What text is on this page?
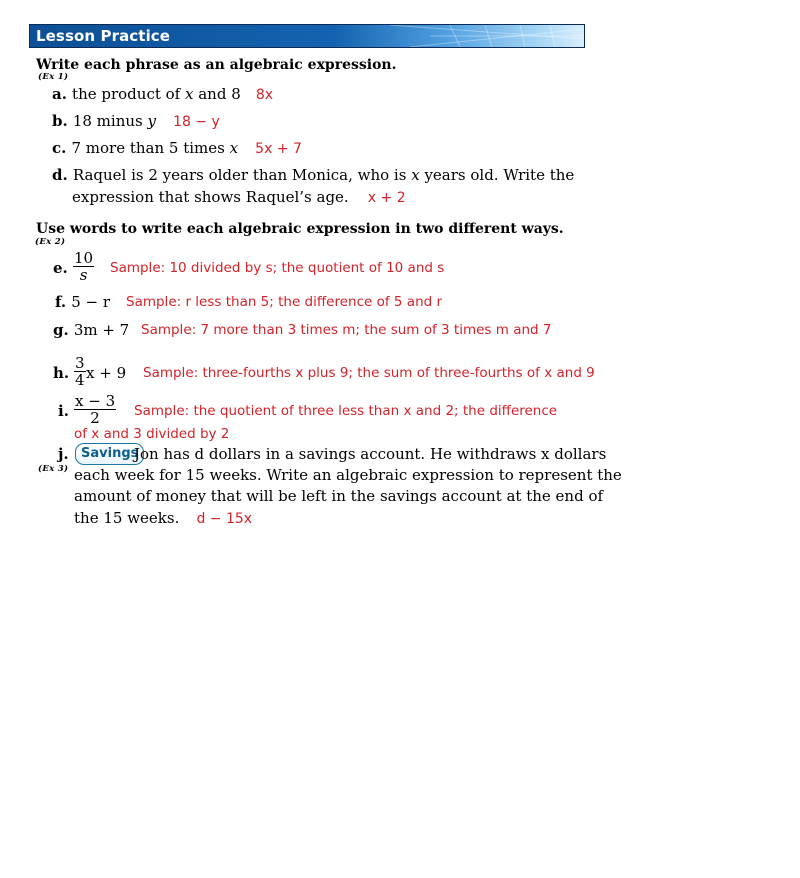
Lesson Practice
Write each phrase as an algebraic expression.
(Ex 1)
a. the product of x and 8 8x
b. 18 minus y 18 − y
c. 7 more than 5 times x 5x + 7
d. Raquel is 2 years older than Monica, who is x years old. Write the
expression that shows Raquel’s age. x + 2
Use words to write each algebraic expression in two different ways.
(Ex 2)
e.
10
s Sample: 10 divided by s; the quotient of 10 and s
f. 5 − r Sample: r less than 5; the difference of 5 and r
g. 3m + 7 Sample: 7 more than 3 times m; the sum of 3 times m and 7
h.
3
4 x + 9 Sample: three-fourths x plus 9; the sum of three-fourths of x and 9
i.
x − 3
2	Sample: the quotient of three less than x and 2; the difference
of x and 3 divided by 2
j. Savings
Jon has d dollars in a savings account. He withdraws x dollars
(Ex 3) each week for 15 weeks. Write an algebraic expression to represent the
amount of money that will be left in the savings account at the end of
the 15 weeks. d − 15x
